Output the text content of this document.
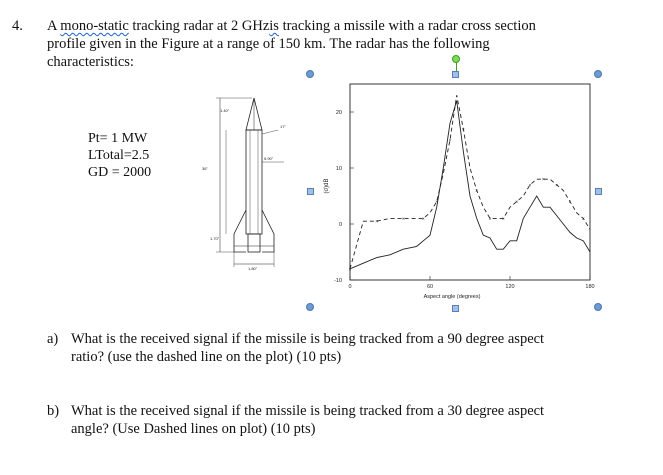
4. A mono-static tracking radar at 2 GHzis tracking a missile with a radar cross section
profile given in the Figure at a range of 150 km. The radar has the following
characteristics:
Pt= 1 MW
LTotal=2.5
GD = 2000
1.40"
17"
5.90"
36"
1.70"
1.80"
-10
0
10
20
0	60	120	180
×
×	×	×
×
×
×
×
× ×
×
×
×
×
×
×
(σ)dB
Aspect angle (degrees)
a) What is the received signal if the missile is being tracked from a 90 degree aspect
ratio? (use the dashed line on the plot) (10 pts)
b) What is the received signal if the missile is being tracked from a 30 degree aspect
angle? (Use Dashed lines on plot) (10 pts)
